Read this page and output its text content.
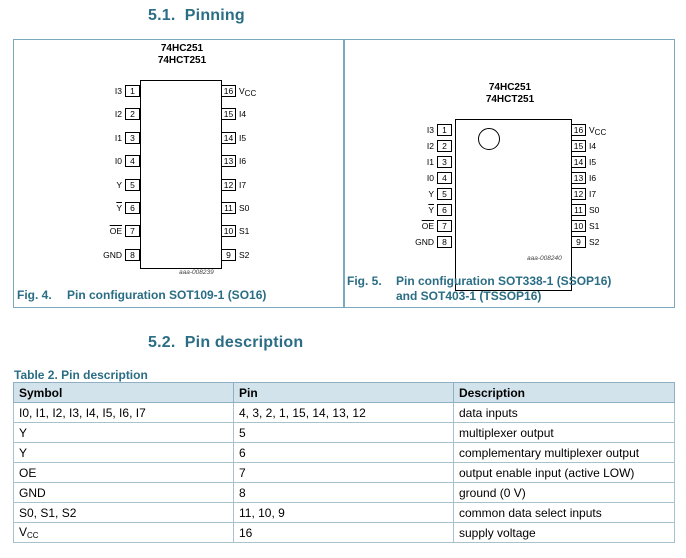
5.1. Pinning
74HC251
74HCT251
I3 1
I2 2
I1 3
I0 4
Y 5
$\overline{Y}$ 6
$\overline{OE}$ 7
GND 8
16 $V_{CC}$
15 I4
14 I5
13 I6
12 I7
11 S0
10 S1
9 S2
aaa-008239
Fig. 4. Pin configuration SOT109-1 (SO16)
74HC251
74HCT251
I3 1
I2 2
I1 3
I0 4
Y 5
$\overline{Y}$ 6
$\overline{OE}$ 7
GND 8
16 $V_{CC}$
15 I4
14 I5
13 I6
12 I7
11 S0
10 S1
9 S2
aaa-008240
Fig. 5. Pin configuration SOT338-1 (SSOP16)
and SOT403-1 (TSSOP16)
5.2. Pin description
Table 2. Pin description
Symbol	Pin	Description
I0, I1, I2, I3, I4, I5, I6, I7	4, 3, 2, 1, 15, 14, 13, 12	data inputs
Y	5	multiplexer output
Y	6	complementary multiplexer output
OE	7	output enable input (active LOW)
GND	8	ground (0 V)
S0, S1, S2	11, 10, 9	common data select inputs
$V_{CC}$	16	supply voltage
